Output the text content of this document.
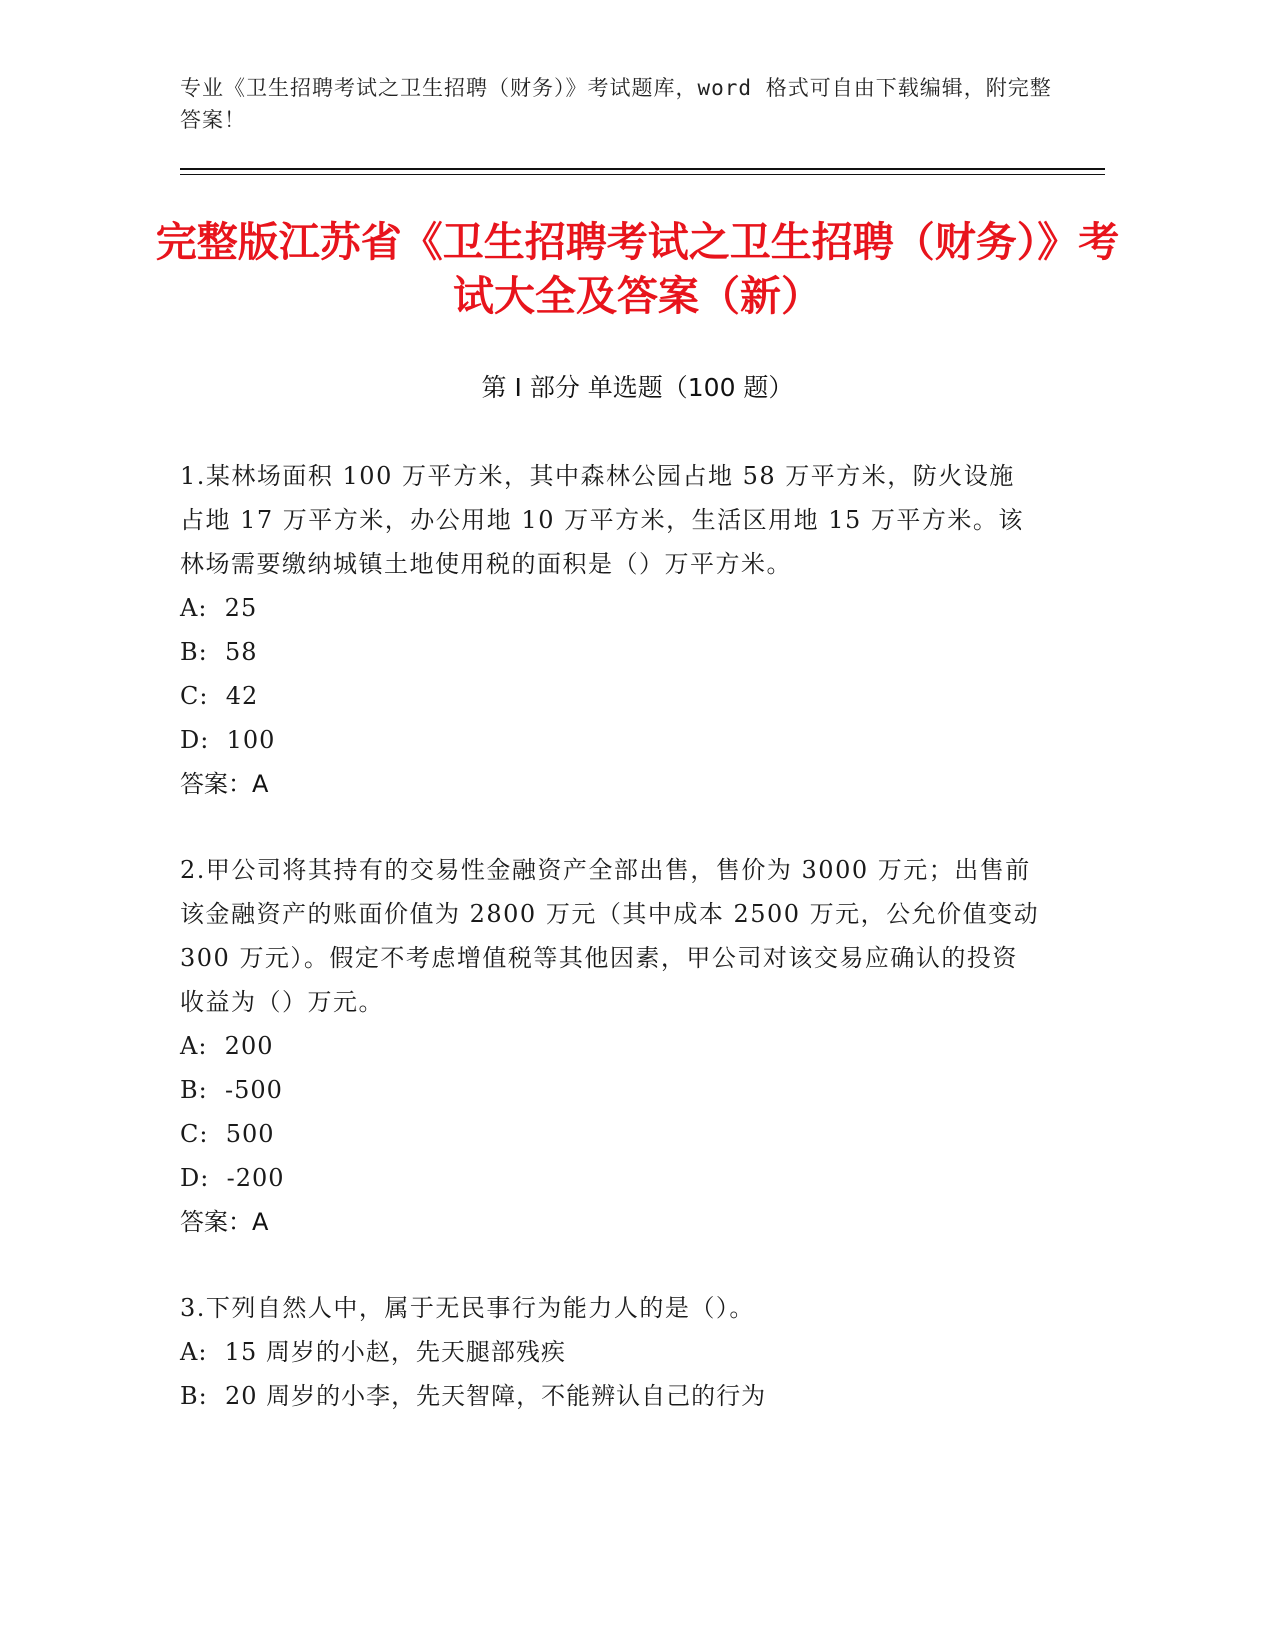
专业《卫生招聘考试之卫生招聘（财务）》考试题库，word 格式可自由下载编辑，附完整答案！
完整版江苏省《卫生招聘考试之卫生招聘（财务）》考试大全及答案（新）
第 I 部分 单选题（100 题）
1.某林场面积 100 万平方米，其中森林公园占地 58 万平方米，防火设施占地 17 万平方米，办公用地 10 万平方米，生活区用地 15 万平方米。该林场需要缴纳城镇土地使用税的面积是（）万平方米。
A:  25
B:  58
C:  42
D:  100
答案：A
2.甲公司将其持有的交易性金融资产全部出售，售价为 3000 万元；出售前该金融资产的账面价值为 2800 万元（其中成本 2500 万元，公允价值变动 300 万元）。假定不考虑增值税等其他因素，甲公司对该交易应确认的投资收益为（）万元。
A:  200
B:  -500
C:  500
D:  -200
答案：A
3.下列自然人中，属于无民事行为能力人的是（）。
A:  15 周岁的小赵，先天腿部残疾
B:  20 周岁的小李，先天智障，不能辨认自己的行为
